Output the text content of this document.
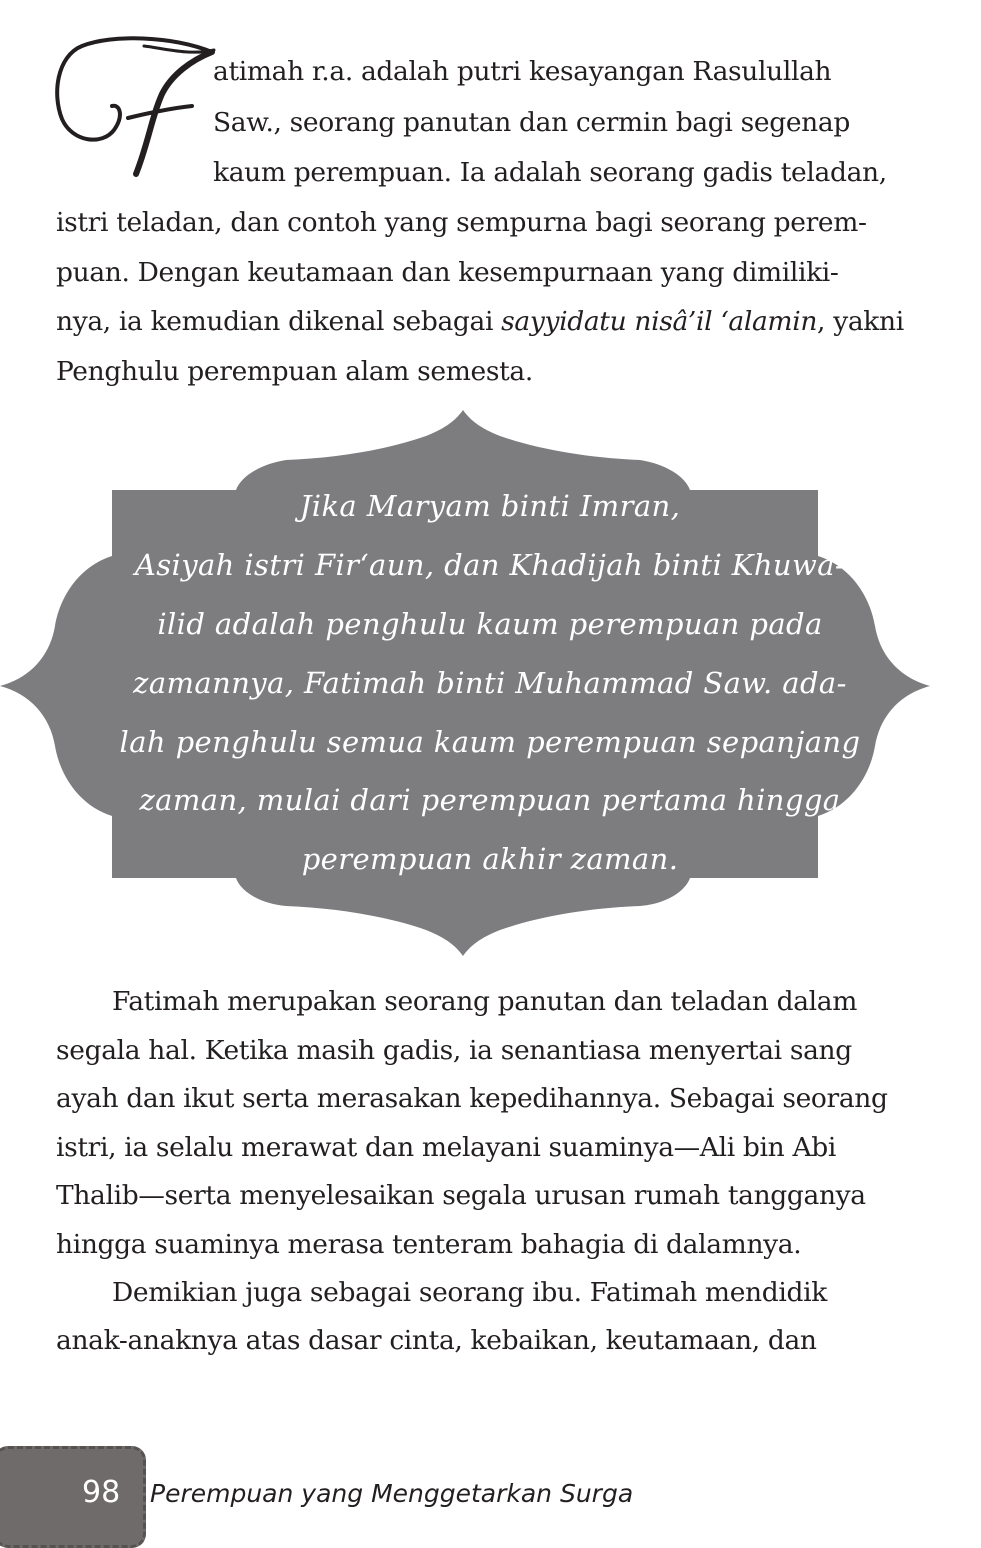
atimah r.a. adalah putri kesayangan Rasulullah
Saw., seorang panutan dan cermin bagi segenap
kaum perempuan. Ia adalah seorang gadis teladan,
istri teladan, dan contoh yang sempurna bagi seorang perem-
puan. Dengan keutamaan dan kesempurnaan yang dimiliki-
nya, ia kemudian dikenal sebagai sayyidatu nisâ’il ‘alamin, yakni
Penghulu perempuan alam semesta.
Jika Maryam binti Imran,
Asiyah istri Fir‘aun, dan Khadijah binti Khuwa-
ilid adalah penghulu kaum perempuan pada
zamannya, Fatimah binti Muhammad Saw. ada-
lah penghulu semua kaum perempuan sepanjang
zaman, mulai dari perempuan pertama hingga
perempuan akhir zaman.
Fatimah merupakan seorang panutan dan teladan dalam
segala hal. Ketika masih gadis, ia senantiasa menyertai sang
ayah dan ikut serta merasakan kepedihannya. Sebagai seorang
istri, ia selalu merawat dan melayani suaminya—Ali bin Abi
Thalib—serta menyelesaikan segala urusan rumah tangganya
hingga suaminya merasa tenteram bahagia di dalamnya.
Demikian juga sebagai seorang ibu. Fatimah mendidik
anak-anaknya atas dasar cinta, kebaikan, keutamaan, dan
98 Perempuan yang Menggetarkan Surga
